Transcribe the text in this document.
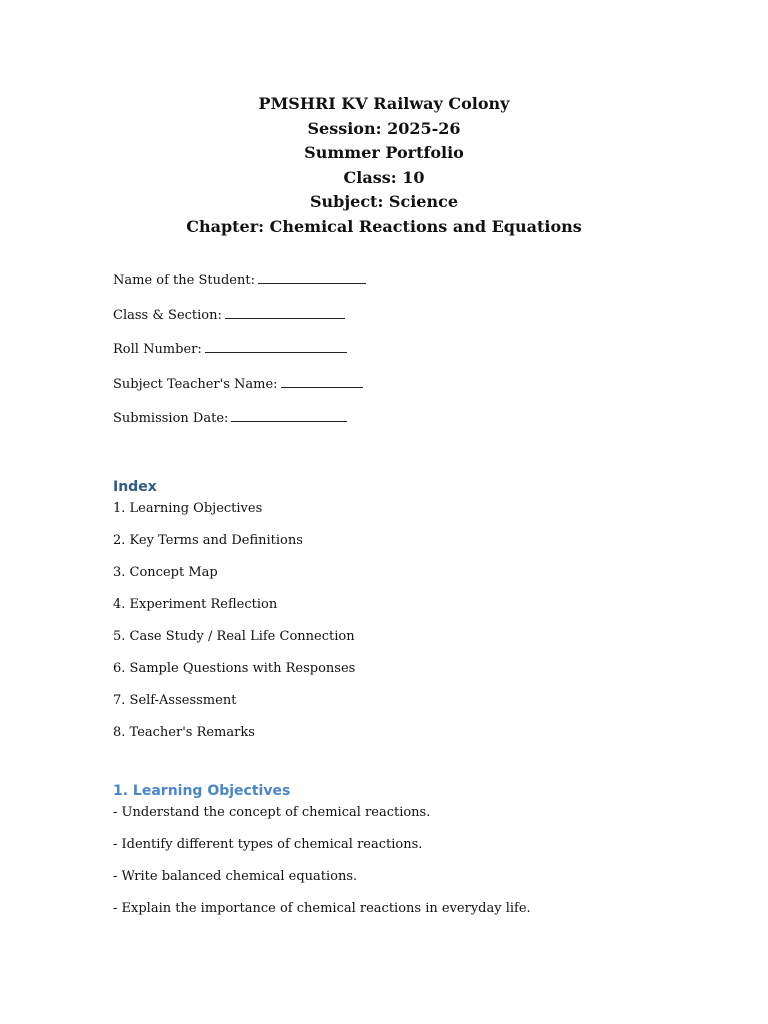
PMSHRI KV Railway Colony

Session: 2025-26

Summer Portfolio

Class: 10

Subject: Science

Chapter: Chemical Reactions and Equations

Name of the Student:

Class & Section:

Roll Number:

Subject Teacher's Name:

Submission Date:

Index
1. Learning Objectives
2. Key Terms and Definitions
3. Concept Map
4. Experiment Reflection
5. Case Study / Real Life Connection
6. Sample Questions with Responses
7. Self-Assessment
8. Teacher's Remarks
1. Learning Objectives
- Understand the concept of chemical reactions.
- Identify different types of chemical reactions.
- Write balanced chemical equations.
- Explain the importance of chemical reactions in everyday life.
